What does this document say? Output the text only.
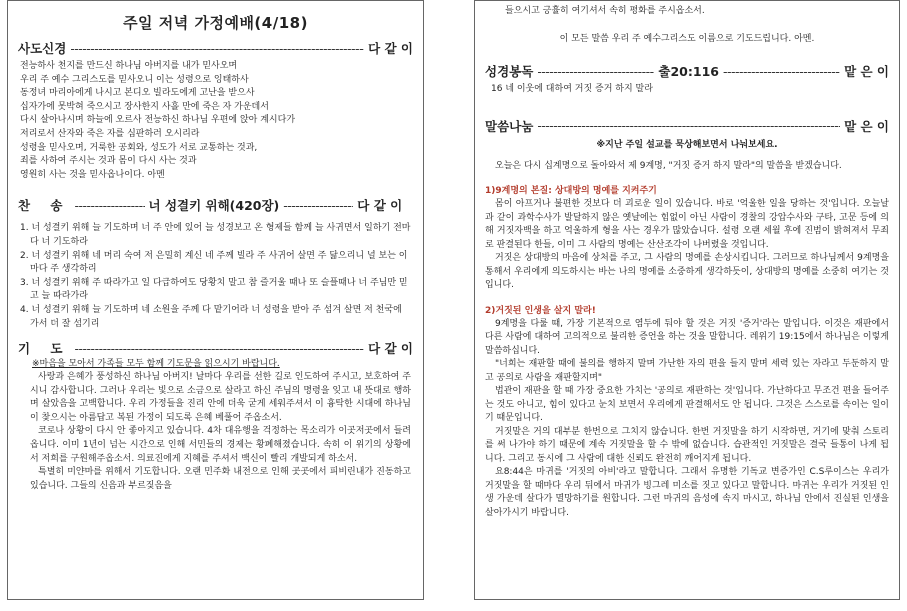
주일 저녁 가정예배(4/18)
사도신경 -----	다 같 이

전능하사 천지를 만드신 하나님 아버지를 내가 믿사오며

우리 주 예수 그리스도를 믿사오니 이는 성령으로 잉태하사

동정녀 마리아에게 나시고 본디오 빌라도에게 고난을 받으사

십자가에 못박혀 죽으시고 장사한지 사흘 만에 죽은 자 가운데서

다시 살아나시며 하늘에 오르사 전능하신 하나님 우편에 앉아 계시다가

저리로서 산자와 죽은 자를 심판하러 오시리라

성령을 믿사오며, 거룩한 공회와, 성도가 서로 교통하는 것과,

죄를 사하여 주시는 것과 몸이 다시 사는 것과

영원히 사는 것을 믿사옵나이다. 아멘

찬 송 -----	너 성결키 위해(420장) -----	다 같 이

1. 너 성결키 위해 늘 기도하며 너 주 안에 있어 늘 성경보고 온 형제들 함께 늘 사귀면서 일하기 전마다 너 기도하라

2. 너 성결키 위해 네 머리 숙여 저 은밀히 계신 네 주께 빌라 주 사귀어 살면 주 닮으리니 널 보는 이마다 주 생각하리

3. 너 성결키 위해 주 따라가고 일 다급하여도 당황치 말고 참 즐거울 때나 또 슬플때나 너 주님만 믿고 늘 따라가라

4. 너 성결키 위해 늘 기도하며 네 소원을 주께 다 맡기어라 너 성령을 받아 주 섬겨 살면 저 천국에 가서 더 잘 섬기리

기 도 -----	다 같 이
※마음을 모아서 가족들 모두 함께 기도문을 읽으시기 바랍니다.

사랑과 은혜가 풍성하신 하나님 아버지! 날마다 우리를 선한 길로 인도하여 주시고, 보호하여 주시니 감사합니다. 그러나 우리는 빛으로 소금으로 살라고 하신 주님의 명령을 잊고 내 뜻대로 행하며 살았음을 고백합니다. 우리 가정들을 진리 안에 더욱 굳게 세워주셔서 이 흉탁한 시대에 하나님이 찾으시는 아름답고 복된 가정이 되도록 은혜 베풀어 주옵소서.

코로나 상황이 다시 안 좋아지고 있습니다. 4차 대유행을 걱정하는 목소리가 이곳저곳에서 들려옵니다. 이미 1년이 넘는 시간으로 인해 서민들의 경제는 황폐해졌습니다. 속히 이 위기의 상황에서 저희를 구원해주옵소서. 의료진에게 지혜를 주셔서 백신이 빨리 개발되게 하소서.

특별히 미얀마를 위해서 기도합니다. 오랜 민주화 내전으로 인해 곳곳에서 피비린내가 진동하고 있습니다. 그들의 신음과 부르짖음을

들으시고 긍휼히 여기셔서 속히 평화를 주시옵소서.

이 모든 말씀 우리 주 예수그리스도 이름으로 기도드립니다. 아멘.

성경봉독 -----	출20:116 -----	맡 은 이
16 네 이웃에 대하여 거짓 증거 하지 말라
말씀나눔 -----	맡 은 이
※지난 주일 설교를 묵상해보면서 나눠보세요.

오늘은 다시 십계명으로 돌아와서 제 9계명, "거짓 증거 하지 말라"의 말씀을 받겠습니다.

1)9계명의 본질: 상대방의 명예를 지켜주기

몸이 아프거나 불편한 것보다 더 괴로운 일이 있습니다. 바로 '억울한 일을 당하는 것'입니다. 오늘날과 같이 과학수사가 발달하지 않은 옛날에는 힘없이 아닌 사람이 경찰의 강압수사와 구타, 고문 등에 의해 거짓자백을 하고 억울하게 형을 사는 경우가 많았습니다. 설령 오랜 세월 후에 진범이 밝혀져서 무죄로 판결된다 한들, 이미 그 사람의 명예는 산산조각이 나버렸을 것입니다.

거짓은 상대방의 마음에 상처를 주고, 그 사람의 명예를 손상시킵니다. 그러므로 하나님께서 9계명을 통해서 우리에게 의도하시는 바는 나의 명예를 소중하게 생각하듯이, 상대방의 명예를 소중히 여기는 것입니다.

2)거짓된 인생을 살지 말라!

9계명을 다룰 때, 가장 기본적으로 염두에 둬야 할 것은 거짓 '증거'라는 말입니다. 이것은 재판에서 다른 사람에 대하여 고의적으로 불리한 증언을 하는 것을 말합니다. 레위기 19:15에서 하나님은 이렇게 말씀하십니다.

"너희는 재판할 때에 불의를 행하지 말며 가난한 자의 편을 들지 말며 세력 있는 자라고 두둔하지 말고 공의로 사람을 재판할지며"

법관이 재판을 할 때 가장 중요한 가치는 '공의로 재판하는 것'입니다. 가난하다고 무조건 편을 들어주는 것도 아니고, 힘이 있다고 눈치 보면서 우리에게 판결해서도 안 됩니다. 그것은 스스로를 속이는 일이기 때문입니다.

거짓말은 거의 대부분 한번으로 그치지 않습니다. 한번 거짓말을 하기 시작하면, 거기에 맞춰 스토리를 써 나가야 하기 때문에 계속 거짓말을 할 수 밖에 없습니다. 습관적인 거짓말은 결국 들통이 나게 됩니다. 그리고 동시에 그 사람에 대한 신뢰도 완전히 깨어지게 됩니다.

요8:44은 마귀를 '거짓의 아비'라고 말합니다. 그래서 유명한 기독교 변증가인 C.S루이스는 우리가 거짓말을 할 때마다 우리 뒤에서 마귀가 빙그레 미소를 짓고 있다고 말합니다. 마귀는 우리가 거짓된 인생 가운데 살다가 멸망하기를 원합니다. 그런 마귀의 음성에 속지 마시고, 하나님 안에서 진실된 인생을 살아가시기 바랍니다.
